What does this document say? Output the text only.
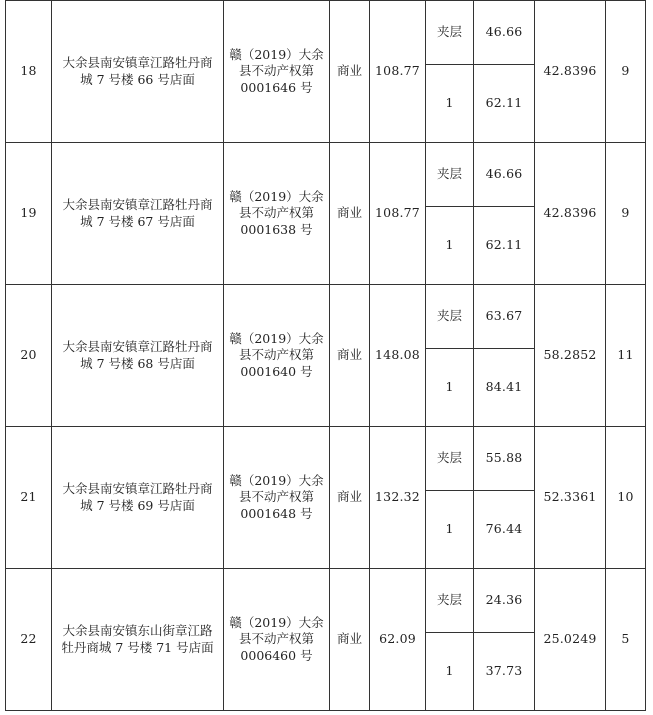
18	大余县南安镇章江路牡丹商
城 7 号楼 66 号店面	赣（2019）大余
县不动产权第
0001646 号	商业	108.77	夹层	46.66	42.8396	9
					1	62.11		
19	大余县南安镇章江路牡丹商
城 7 号楼 67 号店面	赣（2019）大余
县不动产权第
0001638 号	商业	108.77	夹层	46.66	42.8396	9
					1	62.11		
20	大余县南安镇章江路牡丹商
城 7 号楼 68 号店面	赣（2019）大余
县不动产权第
0001640 号	商业	148.08	夹层	63.67	58.2852	11
					1	84.41		
21	大余县南安镇章江路牡丹商
城 7 号楼 69 号店面	赣（2019）大余
县不动产权第
0001648 号	商业	132.32	夹层	55.88	52.3361	10
					1	76.44		
22	大余县南安镇东山街章江路
牡丹商城 7 号楼 71 号店面	赣（2019）大余
县不动产权第
0006460 号	商业	62.09	夹层	24.36	25.0249	5
					1	37.73		
